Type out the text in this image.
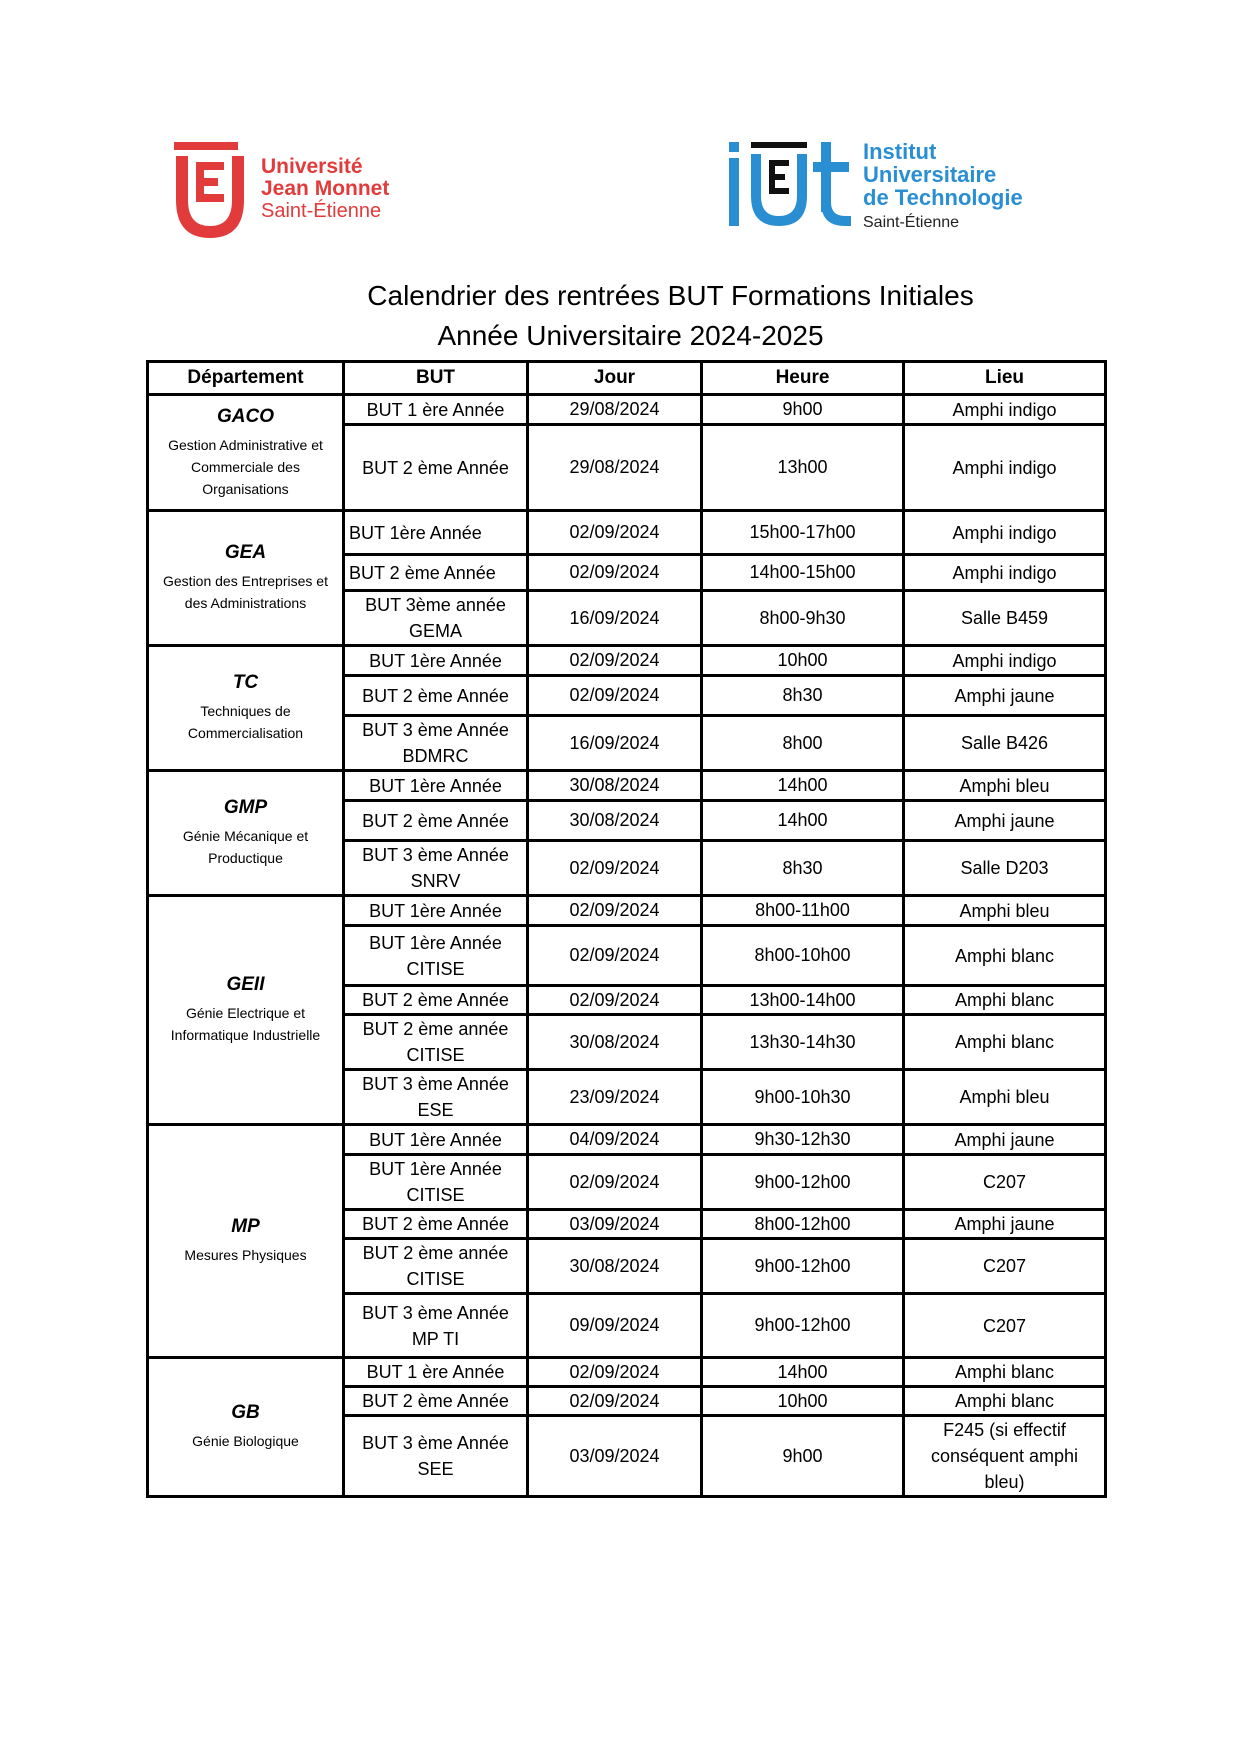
Université
Jean Monnet
Saint-Étienne
Institut
Universitaire
de Technologie
Saint-Étienne
Calendrier des rentrées BUT Formations Initiales
Année Universitaire 2024-2025
Département	BUT	Jour	Heure	Lieu

GACO
Gestion Administrative et Commerciale des Organisations	BUT 1 ère Année	29/08/2024	9h00	Amphi indigo
	BUT 2 ème Année	29/08/2024	13h00	Amphi indigo

GEA
Gestion des Entreprises et des Administrations	BUT 1ère Année	02/09/2024	15h00-17h00	Amphi indigo
	BUT 2 ème Année	02/09/2024	14h00-15h00	Amphi indigo
	BUT 3ème année GEMA	16/09/2024	8h00-9h30	Salle B459

TC
Techniques de Commercialisation	BUT 1ère Année	02/09/2024	10h00	Amphi indigo
	BUT 2 ème Année	02/09/2024	8h30	Amphi jaune
	BUT 3 ème Année BDMRC	16/09/2024	8h00	Salle B426

GMP
Génie Mécanique et Productique	BUT 1ère Année	30/08/2024	14h00	Amphi bleu
	BUT 2 ème Année	30/08/2024	14h00	Amphi jaune
	BUT 3 ème Année SNRV	02/09/2024	8h30	Salle D203

GEII
Génie Electrique et Informatique Industrielle	BUT 1ère Année	02/09/2024	8h00-11h00	Amphi bleu
	BUT 1ère Année CITISE	02/09/2024	8h00-10h00	Amphi blanc
	BUT 2 ème Année	02/09/2024	13h00-14h00	Amphi blanc
	BUT 2 ème année CITISE	30/08/2024	13h30-14h30	Amphi blanc
	BUT 3 ème Année ESE	23/09/2024	9h00-10h30	Amphi bleu

MP
Mesures Physiques	BUT 1ère Année	04/09/2024	9h30-12h30	Amphi jaune
	BUT 1ère Année CITISE	02/09/2024	9h00-12h00	C207
	BUT 2 ème Année	03/09/2024	8h00-12h00	Amphi jaune
	BUT 2 ème année CITISE	30/08/2024	9h00-12h00	C207
	BUT 3 ème Année MP TI	09/09/2024	9h00-12h00	C207

GB
Génie Biologique	BUT 1 ère Année	02/09/2024	14h00	Amphi blanc
	BUT 2 ème Année	02/09/2024	10h00	Amphi blanc
	BUT 3 ème Année SEE	03/09/2024	9h00	F245 (si effectif conséquent amphi bleu)
